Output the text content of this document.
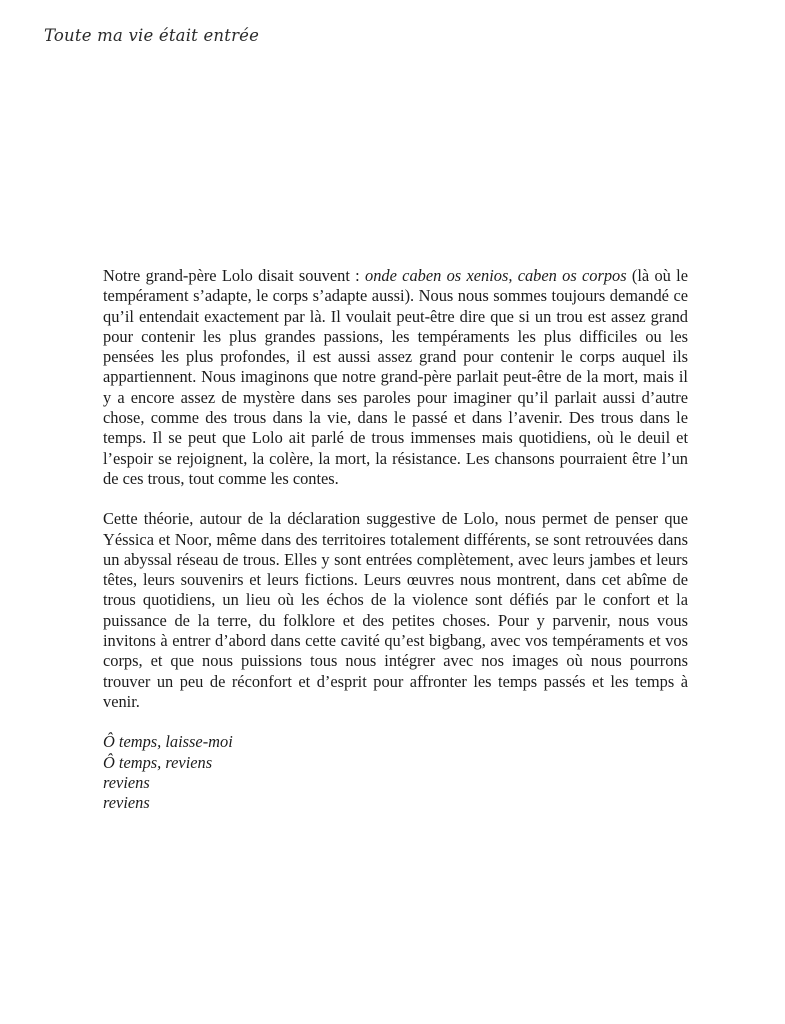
Toute ma vie était entrée

Notre grand-père Lolo disait souvent : onde caben os xenios, caben os corpos (là où le tempérament s’adapte, le corps s’adapte aussi). Nous nous sommes toujours demandé ce qu’il entendait exactement par là. Il voulait peut-être dire que si un trou est assez grand pour contenir les plus grandes passions, les tempéraments les plus difficiles ou les pensées les plus profondes, il est aussi assez grand pour contenir le corps auquel ils appartiennent. Nous imaginons que notre grand-père parlait peut-être de la mort, mais il y a encore assez de mystère dans ses paroles pour imaginer qu’il parlait aussi d’autre chose, comme des trous dans la vie, dans le passé et dans l’avenir. Des trous dans le temps. Il se peut que Lolo ait parlé de trous immenses mais quotidiens, où le deuil et l’espoir se rejoignent, la colère, la mort, la résistance. Les chansons pourraient être l’un de ces trous, tout comme les contes.

Cette théorie, autour de la déclaration suggestive de Lolo, nous permet de penser que Yéssica et Noor, même dans des territoires totalement différents, se sont retrouvées dans un abyssal réseau de trous. Elles y sont entrées complètement, avec leurs jambes et leurs têtes, leurs souvenirs et leurs fictions. Leurs œuvres nous montrent, dans cet abîme de trous quotidiens, un lieu où les échos de la violence sont défiés par le confort et la puissance de la terre, du folklore et des petites choses. Pour y parvenir, nous vous invitons à entrer d’abord dans cette cavité qu’est bigbang, avec vos tempéraments et vos corps, et que nous puissions tous nous intégrer avec nos images où nous pourrons trouver un peu de réconfort et d’esprit pour affronter les temps passés et les temps à venir.

Ô temps, laisse-moi
Ô temps, reviens
reviens
reviens
